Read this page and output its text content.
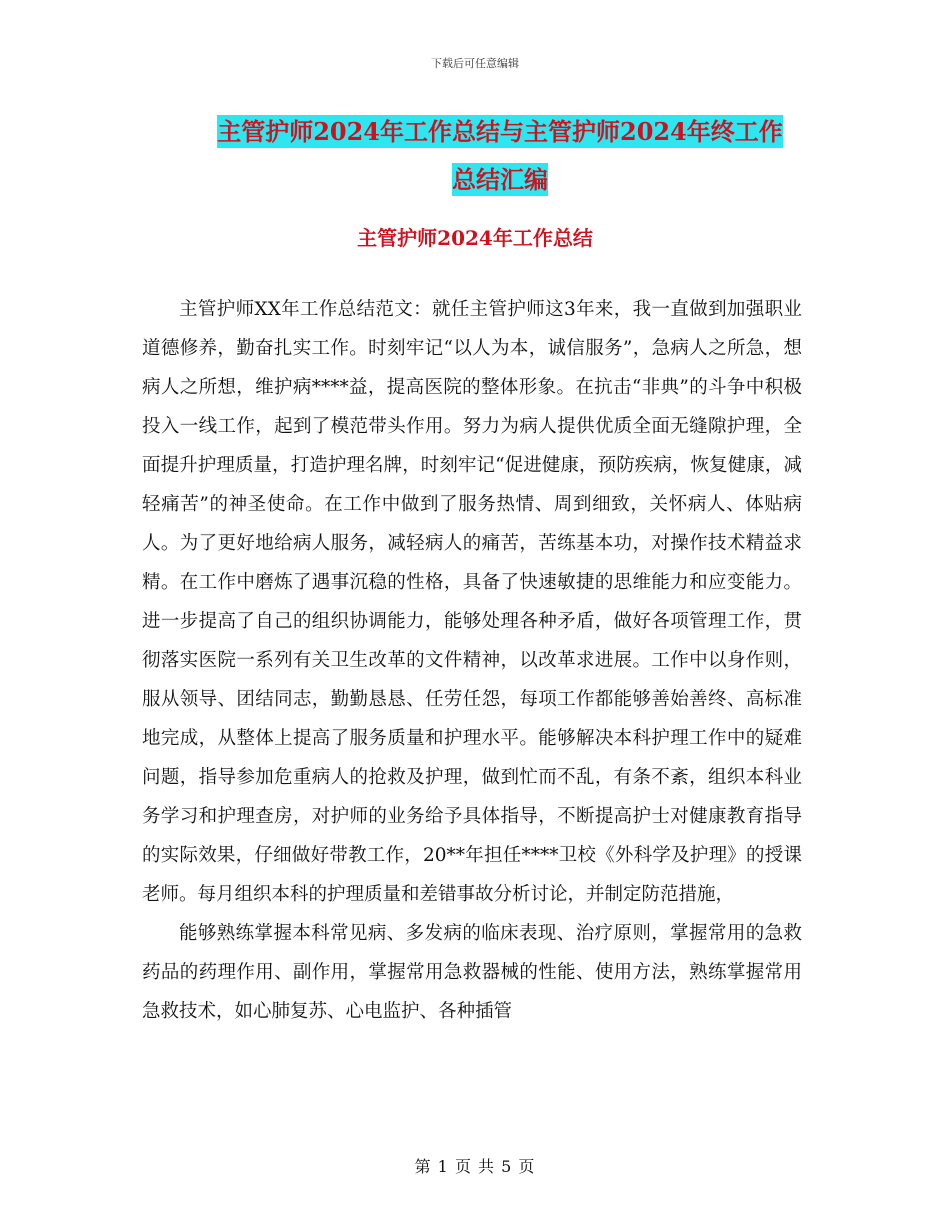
下载后可任意编辑
主管护师2024年工作总结与主管护师2024年终工作
总结汇编
主管护师2024年工作总结

主管护师XX年工作总结范文：就任主管护师这3年来，我一直做到加强职业道德修养，勤奋扎实工作。时刻牢记“以人为本，诚信服务”，急病人之所急，想病人之所想，维护病****益，提高医院的整体形象。在抗击“非典”的斗争中积极投入一线工作，起到了模范带头作用。努力为病人提供优质全面无缝隙护理，全面提升护理质量，打造护理名牌，时刻牢记“促进健康，预防疾病，恢复健康，减轻痛苦”的神圣使命。在工作中做到了服务热情、周到细致，关怀病人、体贴病人。为了更好地给病人服务，减轻病人的痛苦，苦练基本功，对操作技术精益求精。在工作中磨炼了遇事沉稳的性格，具备了快速敏捷的思维能力和应变能力。进一步提高了自己的组织协调能力，能够处理各种矛盾，做好各项管理工作，贯彻落实医院一系列有关卫生改革的文件精神，以改革求进展。工作中以身作则，服从领导、团结同志，勤勤恳恳、任劳任怨，每项工作都能够善始善终、高标准地完成，从整体上提高了服务质量和护理水平。能够解决本科护理工作中的疑难问题，指导参加危重病人的抢救及护理，做到忙而不乱，有条不紊，组织本科业务学习和护理查房，对护师的业务给予具体指导，不断提高护士对健康教育指导的实际效果，仔细做好带教工作，20**年担任****卫校《外科学及护理》的授课老师。每月组织本科的护理质量和差错事故分析讨论，并制定防范措施，

能够熟练掌握本科常见病、多发病的临床表现、治疗原则，掌握常用的急救药品的药理作用、副作用，掌握常用急救器械的性能、使用方法，熟练掌握常用急救技术，如心肺复苏、心电监护、各种插管

第 1 页 共 5 页
